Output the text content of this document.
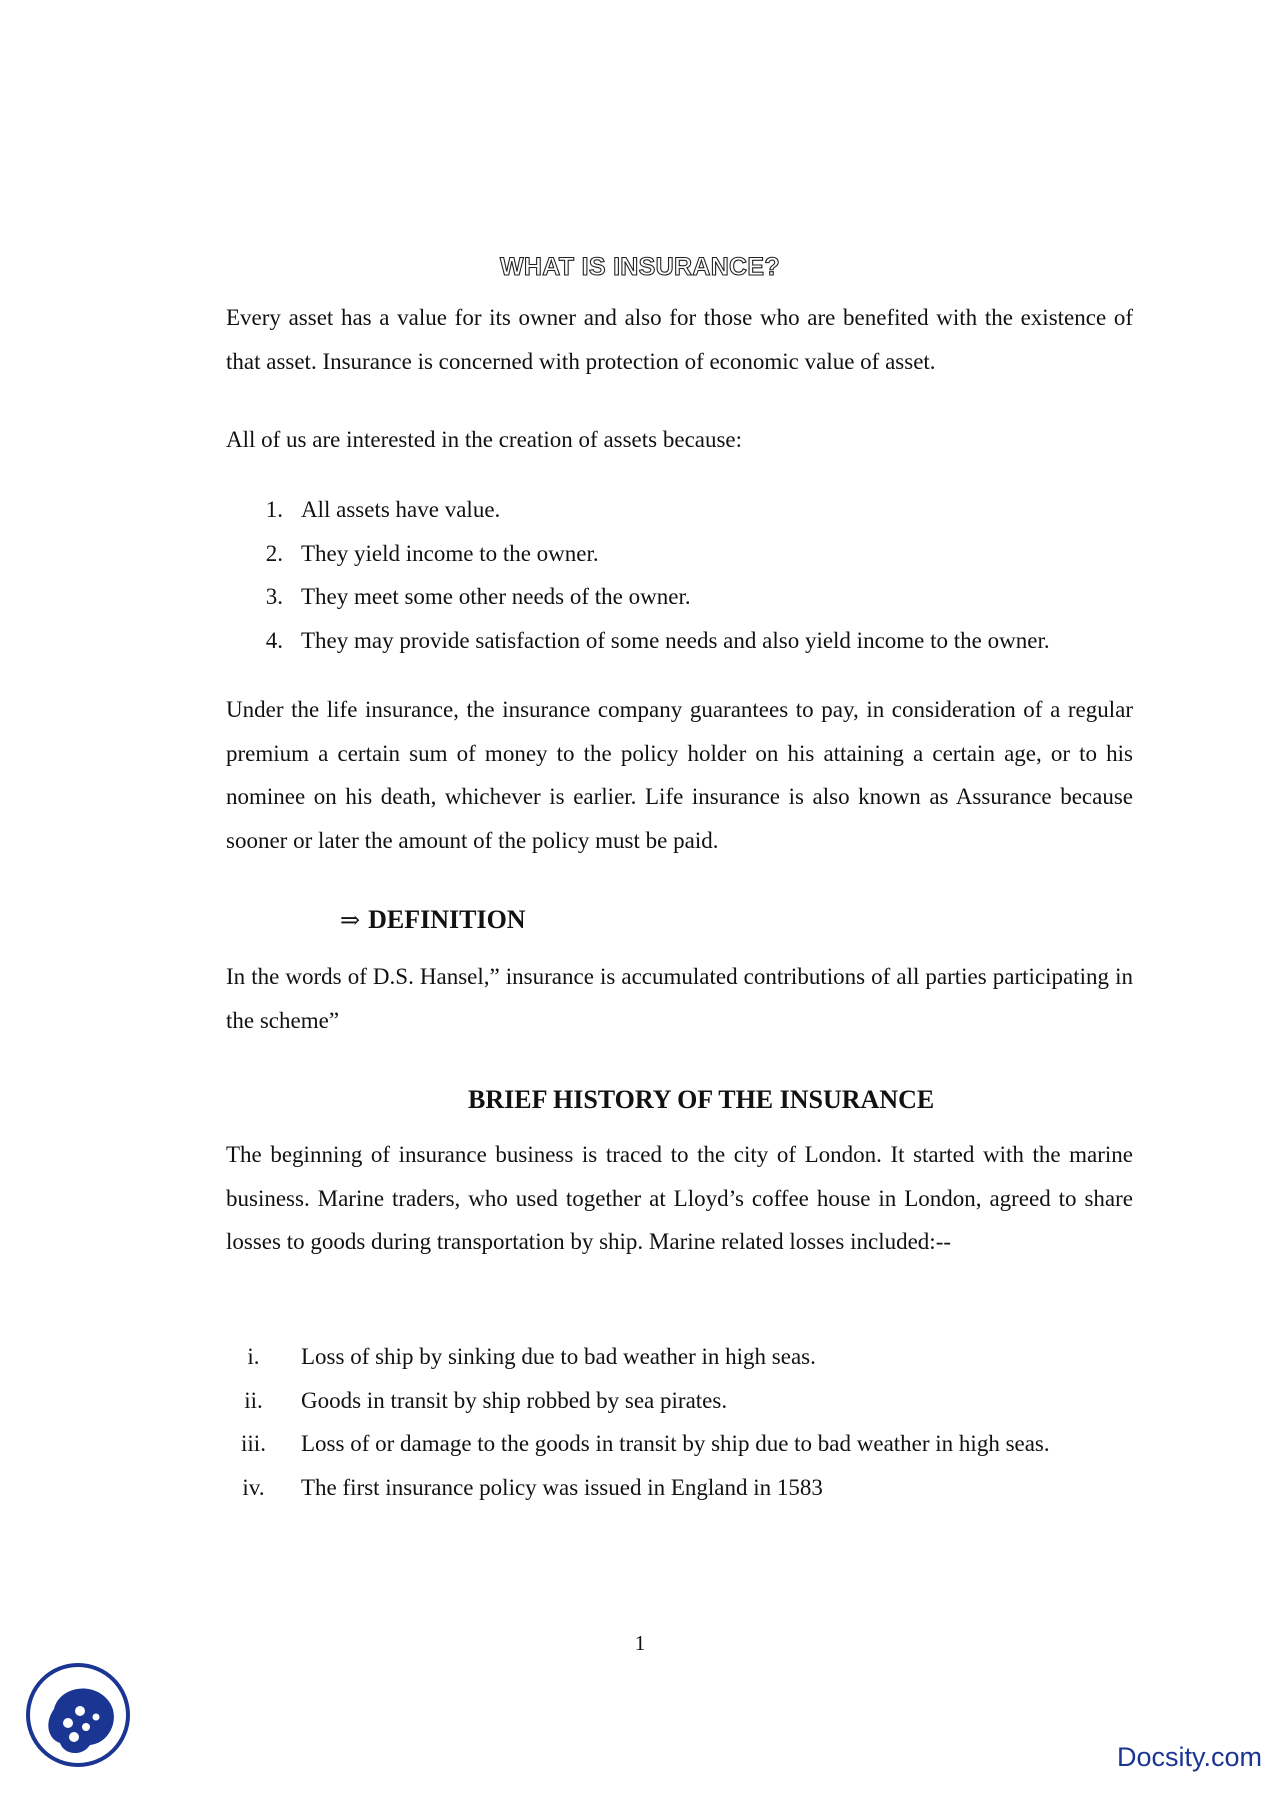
WHAT IS INSURANCE?

Every asset has a value for its owner and also for those who are benefited with the existence of that asset. Insurance is concerned with protection of economic value of asset.

All of us are interested in the creation of assets because:

1. All assets have value.
2. They yield income to the owner.
3. They meet some other needs of the owner.
4. They may provide satisfaction of some needs and also yield income to the owner.

Under the life insurance, the insurance company guarantees to pay, in consideration of a regular premium a certain sum of money to the policy holder on his attaining a certain age, or to his nominee on his death, whichever is earlier. Life insurance is also known as Assurance because sooner or later the amount of the policy must be paid.

⇒ DEFINITION

In the words of D.S. Hansel,” insurance is accumulated contributions of all parties participating in the scheme”

BRIEF HISTORY OF THE INSURANCE

The beginning of insurance business is traced to the city of London. It started with the marine business. Marine traders, who used together at Lloyd’s coffee house in London, agreed to share losses to goods during transportation by ship. Marine related losses included:--

i. Loss of ship by sinking due to bad weather in high seas.
ii. Goods in transit by ship robbed by sea pirates.
iii. Loss of or damage to the goods in transit by ship due to bad weather in high seas.
iv. The first insurance policy was issued in England in 1583
1
Docsity.com
